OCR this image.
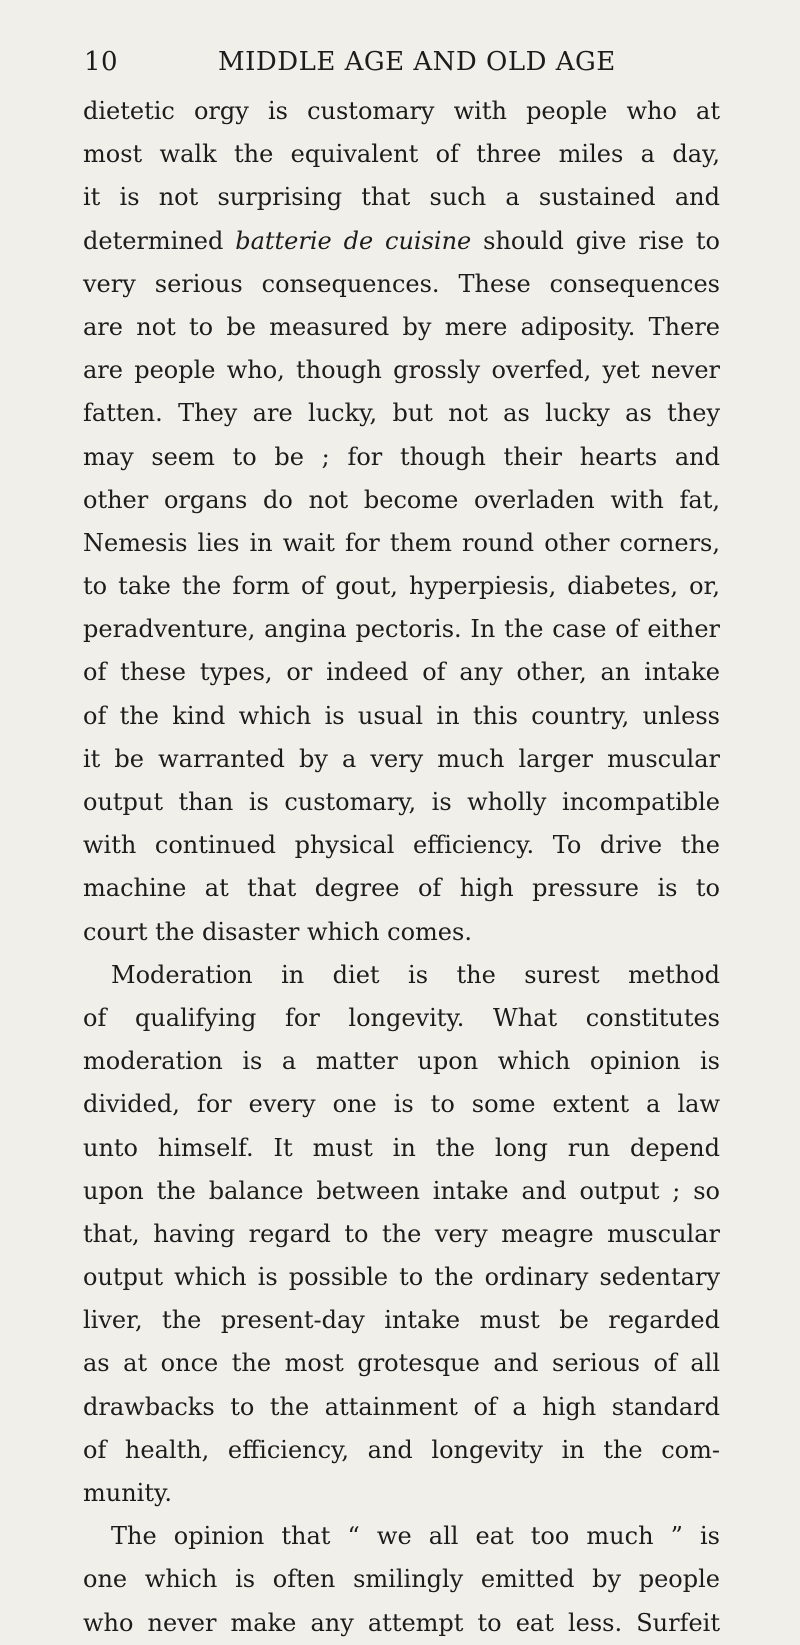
10	MIDDLE AGE AND OLD AGE
dietetic orgy is customary with people who at
most walk the equivalent of three miles a day,
it is not surprising that such a sustained and
determined batterie de cuisine should give rise to
very serious consequences. These consequences
are not to be measured by mere adiposity. There
are people who, though grossly overfed, yet never
fatten. They are lucky, but not as lucky as they
may seem to be ; for though their hearts and
other organs do not become overladen with fat,
Nemesis lies in wait for them round other corners,
to take the form of gout, hyperpiesis, diabetes, or,
peradventure, angina pectoris. In the case of either
of these types, or indeed of any other, an intake
of the kind which is usual in this country, unless
it be warranted by a very much larger muscular
output than is customary, is wholly incompatible
with continued physical efficiency. To drive the
machine at that degree of high pressure is to
court the disaster which comes.
Moderation in diet is the surest method
of qualifying for longevity. What constitutes
moderation is a matter upon which opinion is
divided, for every one is to some extent a law
unto himself. It must in the long run depend
upon the balance between intake and output ; so
that, having regard to the very meagre muscular
output which is possible to the ordinary sedentary
liver, the present-day intake must be regarded
as at once the most grotesque and serious of all
drawbacks to the attainment of a high standard
of health, efficiency, and longevity in the com-
munity.
The opinion that “ we all eat too much ” is
one which is often smilingly emitted by people
who never make any attempt to eat less. Surfeit
